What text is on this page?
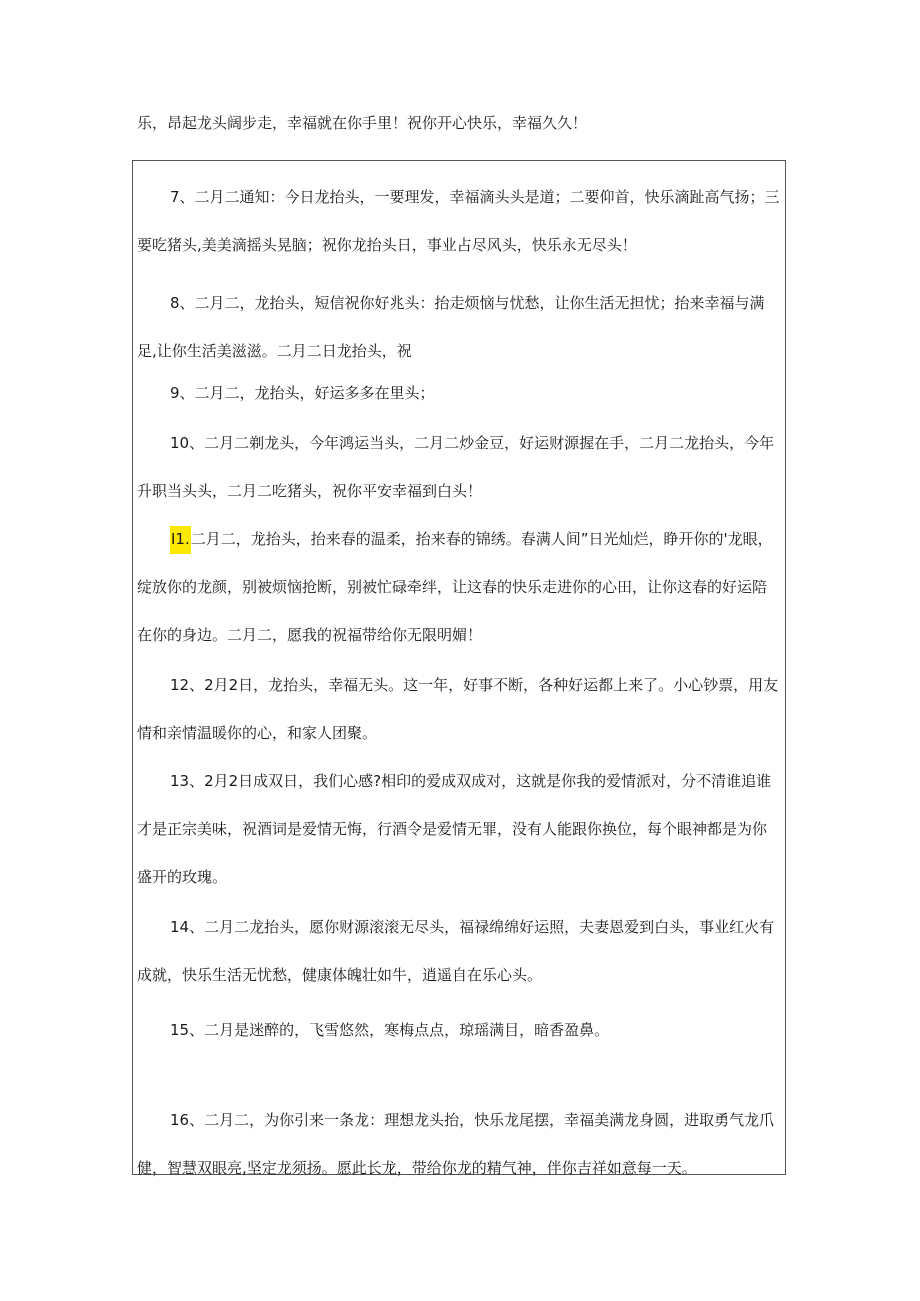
乐，昂起龙头阔步走，幸福就在你手里！祝你开心快乐，幸福久久！

7、二月二通知：今日龙抬头，一要理发，幸福滴头头是道；二要仰首，快乐滴趾高气扬；三要吃猪头,美美滴摇头晃脑；祝你龙抬头日，事业占尽风头，快乐永无尽头！

8、二月二，龙抬头，短信祝你好兆头：抬走烦恼与忧愁，让你生活无担忧；抬来幸福与满足,让你生活美滋滋。二月二日龙抬头，祝

9、二月二，龙抬头，好运多多在里头；

10、二月二剃龙头，今年鸿运当头，二月二炒金豆，好运财源握在手，二月二龙抬头，今年升职当头头，二月二吃猪头，祝你平安幸福到白头！

I1.二月二，龙抬头，抬来春的温柔，抬来春的锦绣。春满人间”日光灿烂，睁开你的'龙眼，绽放你的龙颜，别被烦恼抢断，别被忙碌牵绊，让这春的快乐走进你的心田，让你这春的好运陪在你的身边。二月二，愿我的祝福带给你无限明媚！

12、2月2日，龙抬头，幸福无头。这一年，好事不断，各种好运都上来了。小心钞票，用友情和亲情温暖你的心，和家人团聚。

13、2月2日成双日，我们心感?相印的爱成双成对，这就是你我的爱情派对，分不清谁追谁才是正宗美味，祝酒词是爱情无悔，行酒令是爱情无罪，没有人能跟你换位，每个眼神都是为你盛开的玫瑰。

14、二月二龙抬头，愿你财源滚滚无尽头，福禄绵绵好运照，夫妻恩爱到白头，事业红火有成就，快乐生活无忧愁，健康体魄壮如牛，逍遥自在乐心头。

15、二月是迷醉的，飞雪悠然，寒梅点点，琼瑶满目，暗香盈鼻。

16、二月二，为你引来一条龙：理想龙头抬，快乐龙尾摆，幸福美满龙身圆，进取勇气龙爪健，智慧双眼亮,坚定龙须扬。愿此长龙，带给你龙的精气神，伴你吉祥如意每一天。
